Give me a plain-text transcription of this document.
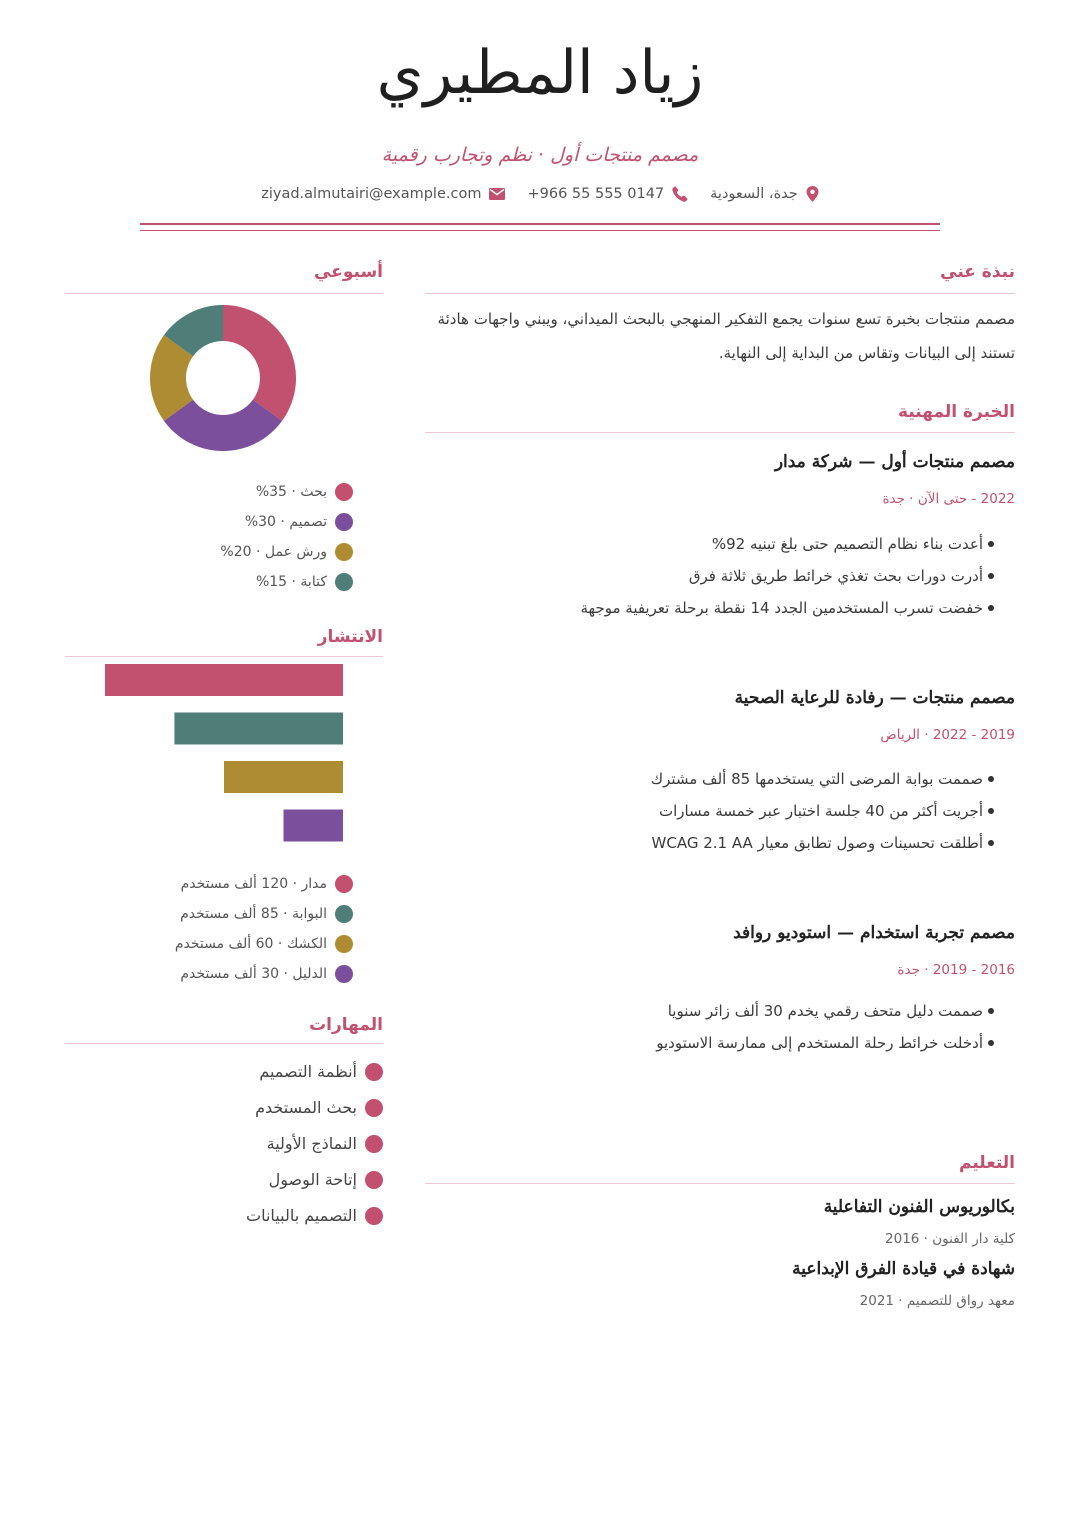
زياد المطيري
مصمم منتجات أول · نظم وتجارب رقمية
جدة، السعودية
+966 55 555 0147
ziyad.almutairi@example.com
نبذة عني
مصمم منتجات بخبرة تسع سنوات يجمع التفكير المنهجي بالبحث الميداني، ويبني واجهات هادئة تستند إلى البيانات وتقاس من البداية إلى النهاية.
الخبرة المهنية
مصمم منتجات أول — شركة مدار
2022 - حتى الآن · جدة
أعدت بناء نظام التصميم حتى بلغ تبنيه 92%
أدرت دورات بحث تغذي خرائط طريق ثلاثة فرق
خفضت تسرب المستخدمين الجدد 14 نقطة برحلة تعريفية موجهة
مصمم منتجات — رفادة للرعاية الصحية
2019 - 2022 · الرياض
صممت بوابة المرضى التي يستخدمها 85 ألف مشترك
أجريت أكثر من 40 جلسة اختبار عبر خمسة مسارات
أطلقت تحسينات وصول تطابق معيار WCAG 2.1 AA
مصمم تجربة استخدام — استوديو روافد
2016 - 2019 · جدة
صممت دليل متحف رقمي يخدم 30 ألف زائر سنويا
أدخلت خرائط رحلة المستخدم إلى ممارسة الاستوديو
التعليم
بكالوريوس الفنون التفاعلية
كلية دار الفنون · 2016
شهادة في قيادة الفرق الإبداعية
معهد رواق للتصميم · 2021
أسبوعي
بحث · 35%
تصميم · 30%
ورش عمل · 20%
كتابة · 15%
الانتشار
مدار · 120 ألف مستخدم
البوابة · 85 ألف مستخدم
الكشك · 60 ألف مستخدم
الدليل · 30 ألف مستخدم
المهارات
أنظمة التصميم
بحث المستخدم
النماذج الأولية
إتاحة الوصول
التصميم بالبيانات
